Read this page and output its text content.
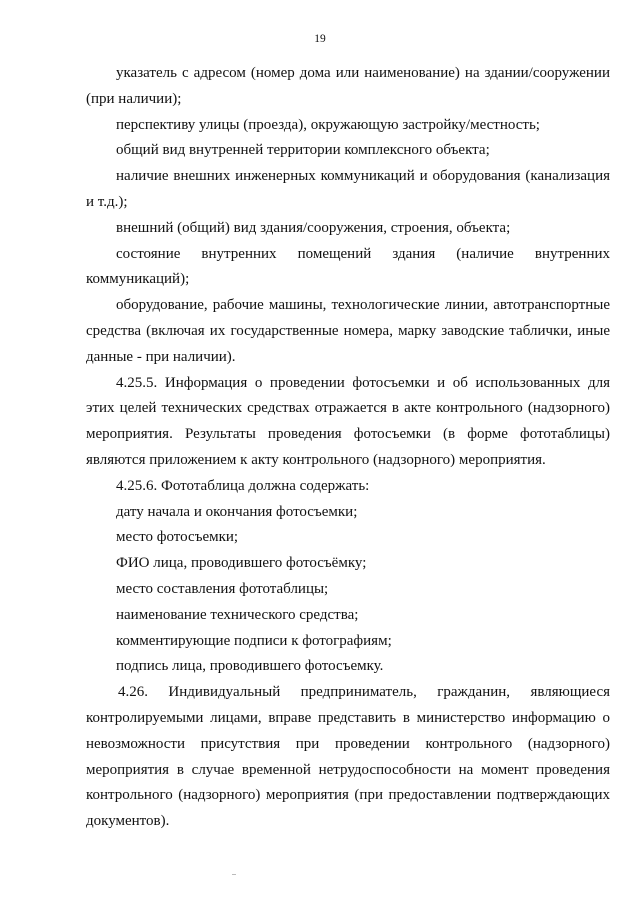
19

указатель с адресом (номер дома или наименование) на здании/сооружении (при наличии);

перспективу улицы (проезда), окружающую застройку/местность;

общий вид внутренней территории комплексного объекта;

наличие внешних инженерных коммуникаций и оборудования (канализация и т.д.);

внешний (общий) вид здания/сооружения, строения, объекта;

состояние внутренних помещений здания (наличие внутренних коммуникаций);

оборудование, рабочие машины, технологические линии, автотранспортные средства (включая их государственные номера, марку заводские таблички, иные данные - при наличии).

4.25.5. Информация о проведении фотосъемки и об использованных для этих целей технических средствах отражается в акте контрольного (надзорного) мероприятия. Результаты проведения фотосъемки (в форме фототаблицы) являются приложением к акту контрольного (надзорного) мероприятия.

4.25.6. Фототаблица должна содержать:

дату начала и окончания фотосъемки;

место фотосъемки;

ФИО лица, проводившего фотосъёмку;

место составления фототаблицы;

наименование технического средства;

комментирующие подписи к фотографиям;

подпись лица, проводившего фотосъемку.

4.26. Индивидуальный предприниматель, гражданин, являющиеся контролируемыми лицами, вправе представить в министерство информацию о невозможности присутствия при проведении контрольного (надзорного) мероприятия в случае временной нетрудоспособности на момент проведения контрольного (надзорного) мероприятия (при предоставлении подтверждающих документов).
